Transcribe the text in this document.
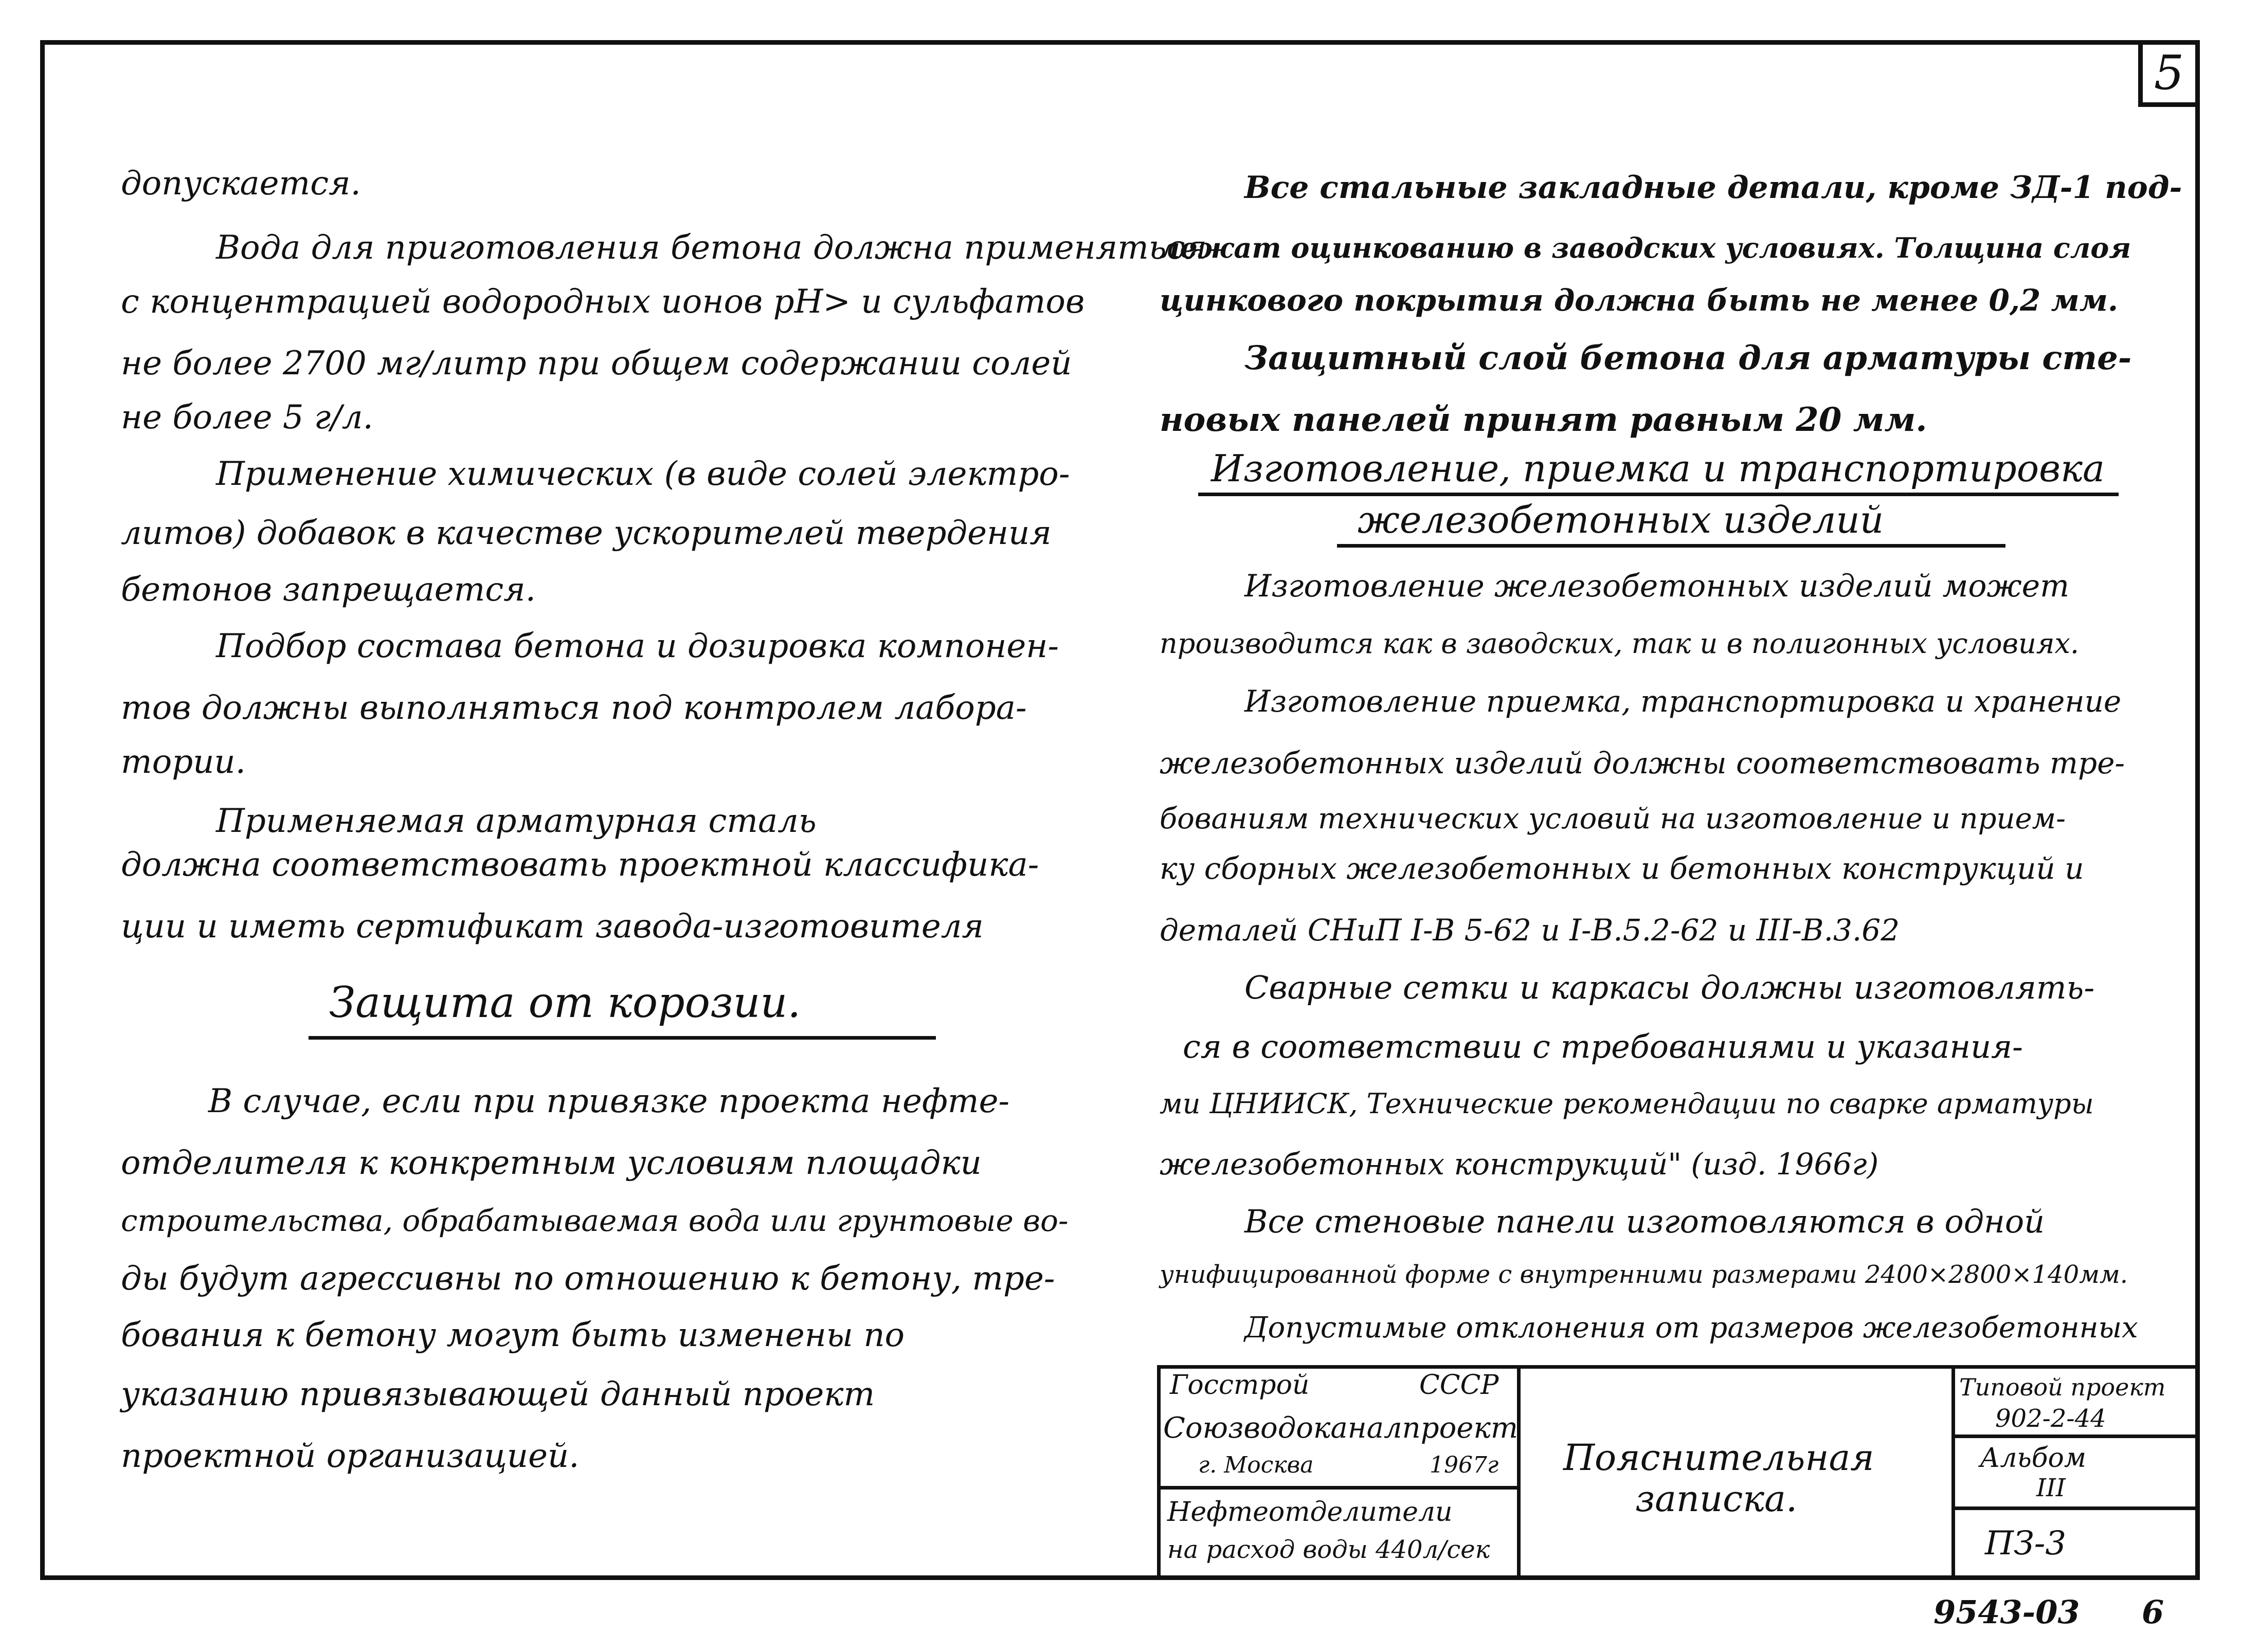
5
допускается.
Вода для приготовления бетона должна применяться
с концентрацией водородных ионов pH> и сульфатов
не более 2700 мг/литр при общем содержании солей
не более 5 г/л.
Применение химических (в виде солей электро-
литов) добавок в качестве ускорителей твердения
бетонов запрещается.
Подбор состава бетона и дозировка компонен-
тов должны выполняться под контролем лабора-
тории.
Применяемая арматурная сталь
должна соответствовать проектной классифика-
ции и иметь сертификат завода-изготовителя
Защита от корозии.
В случае, если при привязке проекта нефте-
отделителя к конкретным условиям площадки
строительства, обрабатываемая вода или грунтовые во-
ды будут агрессивны по отношению к бетону, тре-
бования к бетону могут быть изменены по
указанию привязывающей данный проект
проектной организацией.
Все стальные закладные детали, кроме ЗД-1 под-
лежат оцинкованию в заводских условиях. Толщина слоя
цинкового покрытия должна быть не менее 0,2 мм.
Защитный слой бетона для арматуры сте-
новых панелей принят равным 20 мм.
Изготовление, приемка и транспортировка
железобетонных изделий
Изготовление железобетонных изделий может
производится как в заводских, так и в полигонных условиях.
Изготовление приемка, транспортировка и хранение
железобетонных изделий должны соответствовать тре-
бованиям технических условий на изготовление и прием-
ку сборных железобетонных и бетонных конструкций и
деталей СНиП I-В 5-62 и I-В.5.2-62 и III-В.3.62
Сварные сетки и каркасы должны изготовлять-
ся в соответствии с требованиями и указания-
ми ЦНИИСК, Технические рекомендации по сварке арматуры
железобетонных конструкций" (изд. 1966г)
Все стеновые панели изготовляются в одной
унифицированной форме с внутренними размерами 2400×2800×140мм.
Допустимые отклонения от размеров железобетонных
Госстрой	СССР
Союзводоканалпроект
г. Москва	1967г
Нефтеотделители
на расход воды 440л/сек
Пояснительная
записка.
Типовой проект
902-2-44
Альбом
III
ПЗ-3
9543-03 6
